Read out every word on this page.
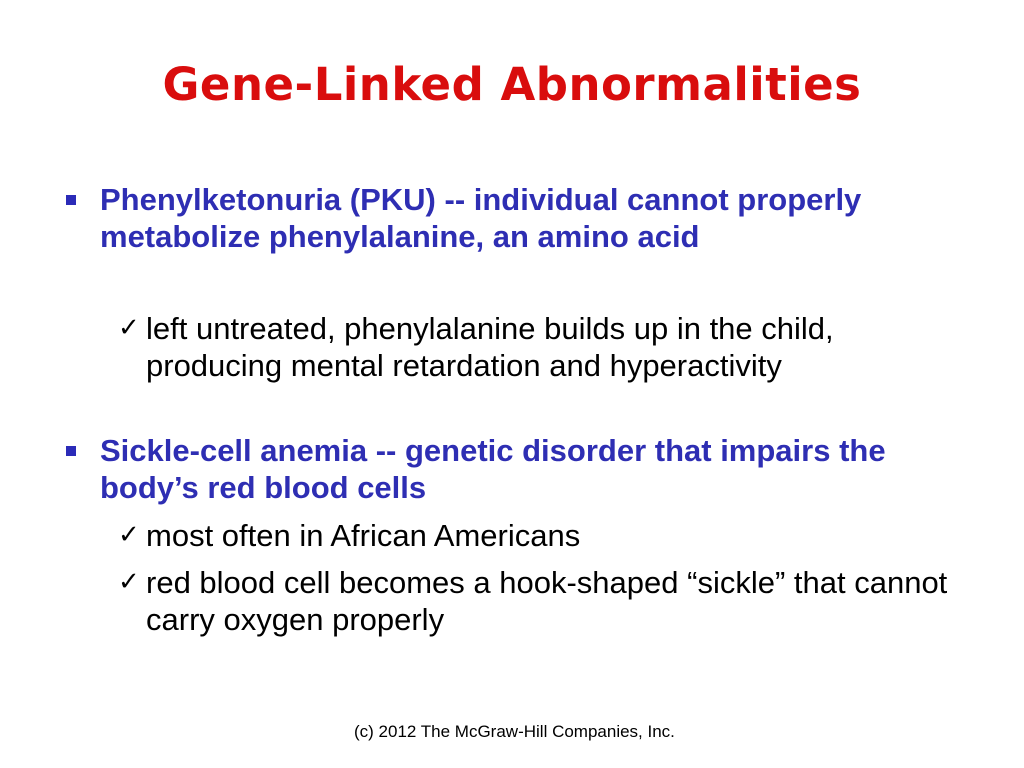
Gene-Linked Abnormalities
Phenylketonuria (PKU) -- individual cannot properly metabolize phenylalanine, an amino acid
✓ left untreated, phenylalanine builds up in the child, producing mental retardation and hyperactivity
Sickle-cell anemia -- genetic disorder that impairs the body’s red blood cells
✓ most often in African Americans
✓ red blood cell becomes a hook-shaped “sickle” that cannot carry oxygen properly
(c) 2012 The McGraw-Hill Companies, Inc.
